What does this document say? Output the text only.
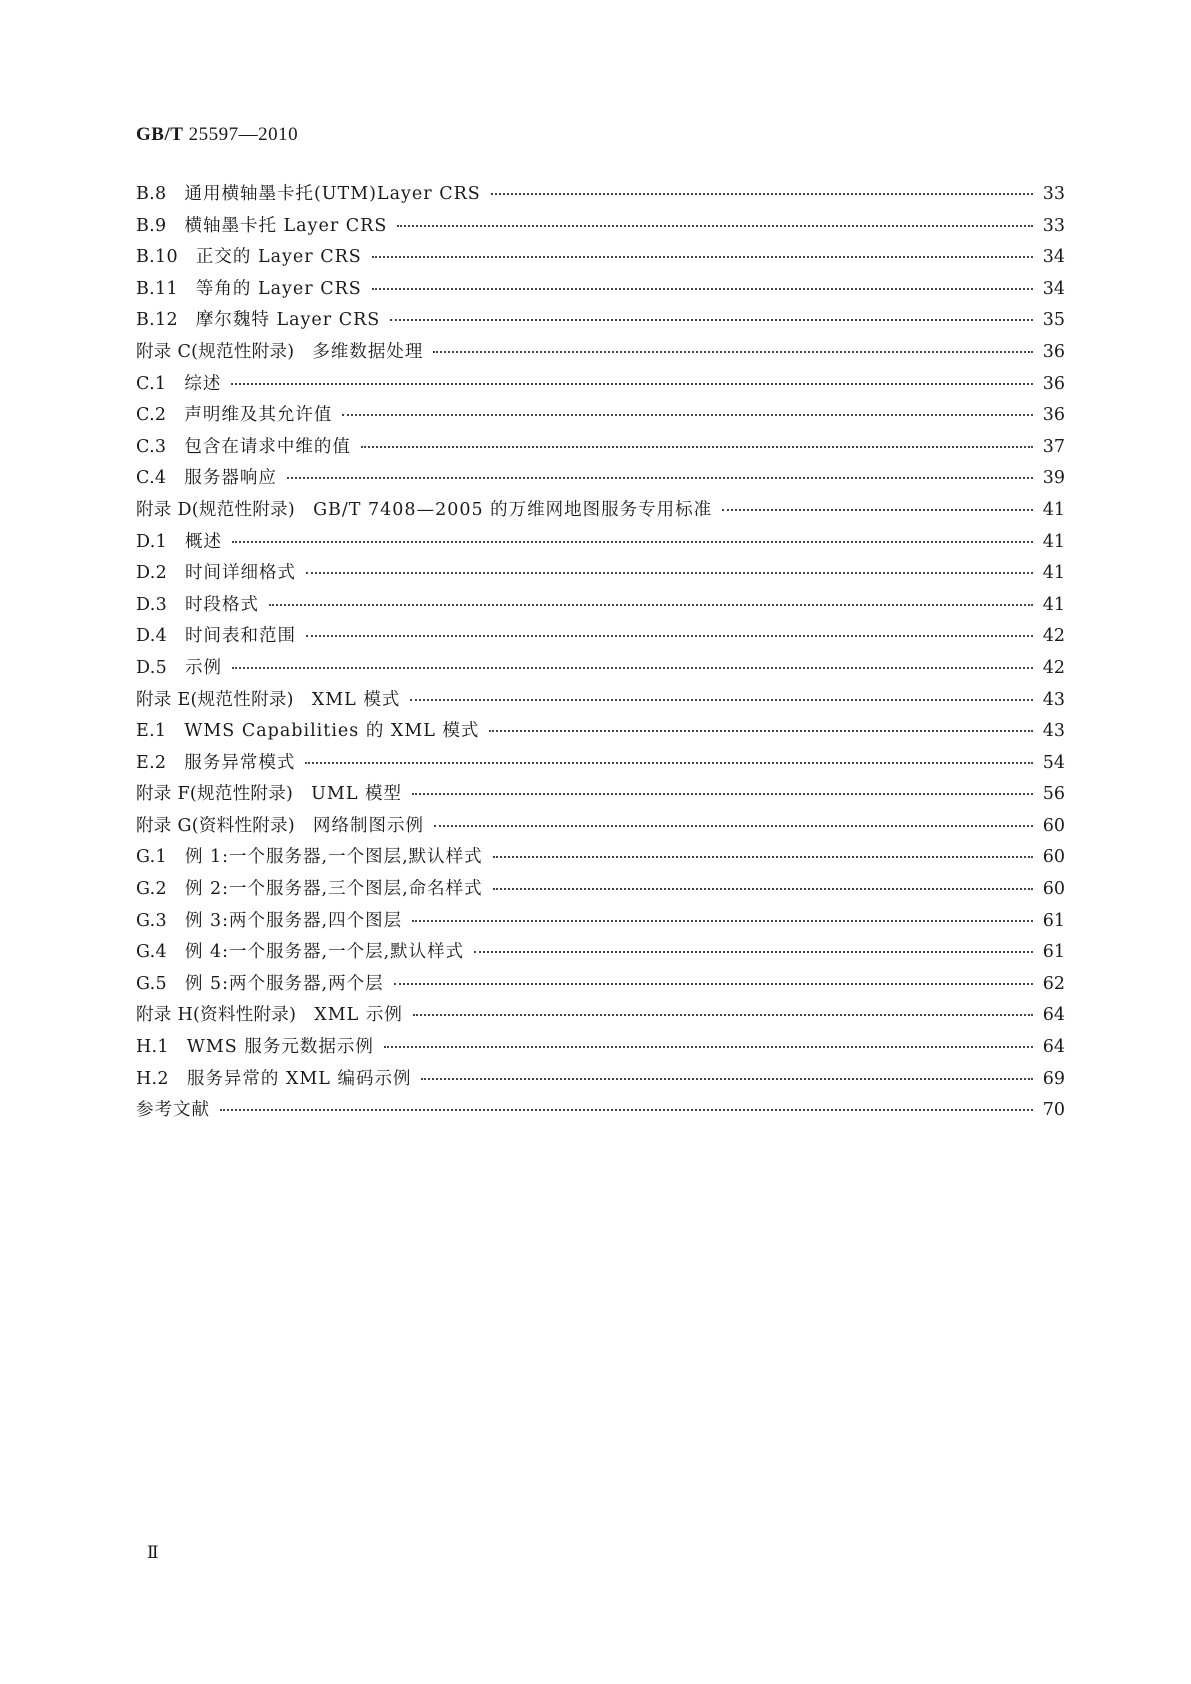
GB/T 25597—2010
B.8 通用横轴墨卡托(UTM)Layer CRS	33
B.9 横轴墨卡托 Layer CRS	33
B.10 正交的 Layer CRS	34
B.11 等角的 Layer CRS	34
B.12 摩尔魏特 Layer CRS	35
附录 C(规范性附录) 多维数据处理	36
C.1 综述	36
C.2 声明维及其允许值	36
C.3 包含在请求中维的值	37
C.4 服务器响应	39
附录 D(规范性附录) GB/T 7408—2005 的万维网地图服务专用标准	41
D.1 概述	41
D.2 时间详细格式	41
D.3 时段格式	41
D.4 时间表和范围	42
D.5 示例	42
附录 E(规范性附录) XML 模式	43
E.1 WMS Capabilities 的 XML 模式	43
E.2 服务异常模式	54
附录 F(规范性附录) UML 模型	56
附录 G(资料性附录) 网络制图示例	60
G.1 例 1:一个服务器,一个图层,默认样式	60
G.2 例 2:一个服务器,三个图层,命名样式	60
G.3 例 3:两个服务器,四个图层	61
G.4 例 4:一个服务器,一个层,默认样式	61
G.5 例 5:两个服务器,两个层	62
附录 H(资料性附录) XML 示例	64
H.1 WMS 服务元数据示例	64
H.2 服务异常的 XML 编码示例	69
参考文献	70
Ⅱ
